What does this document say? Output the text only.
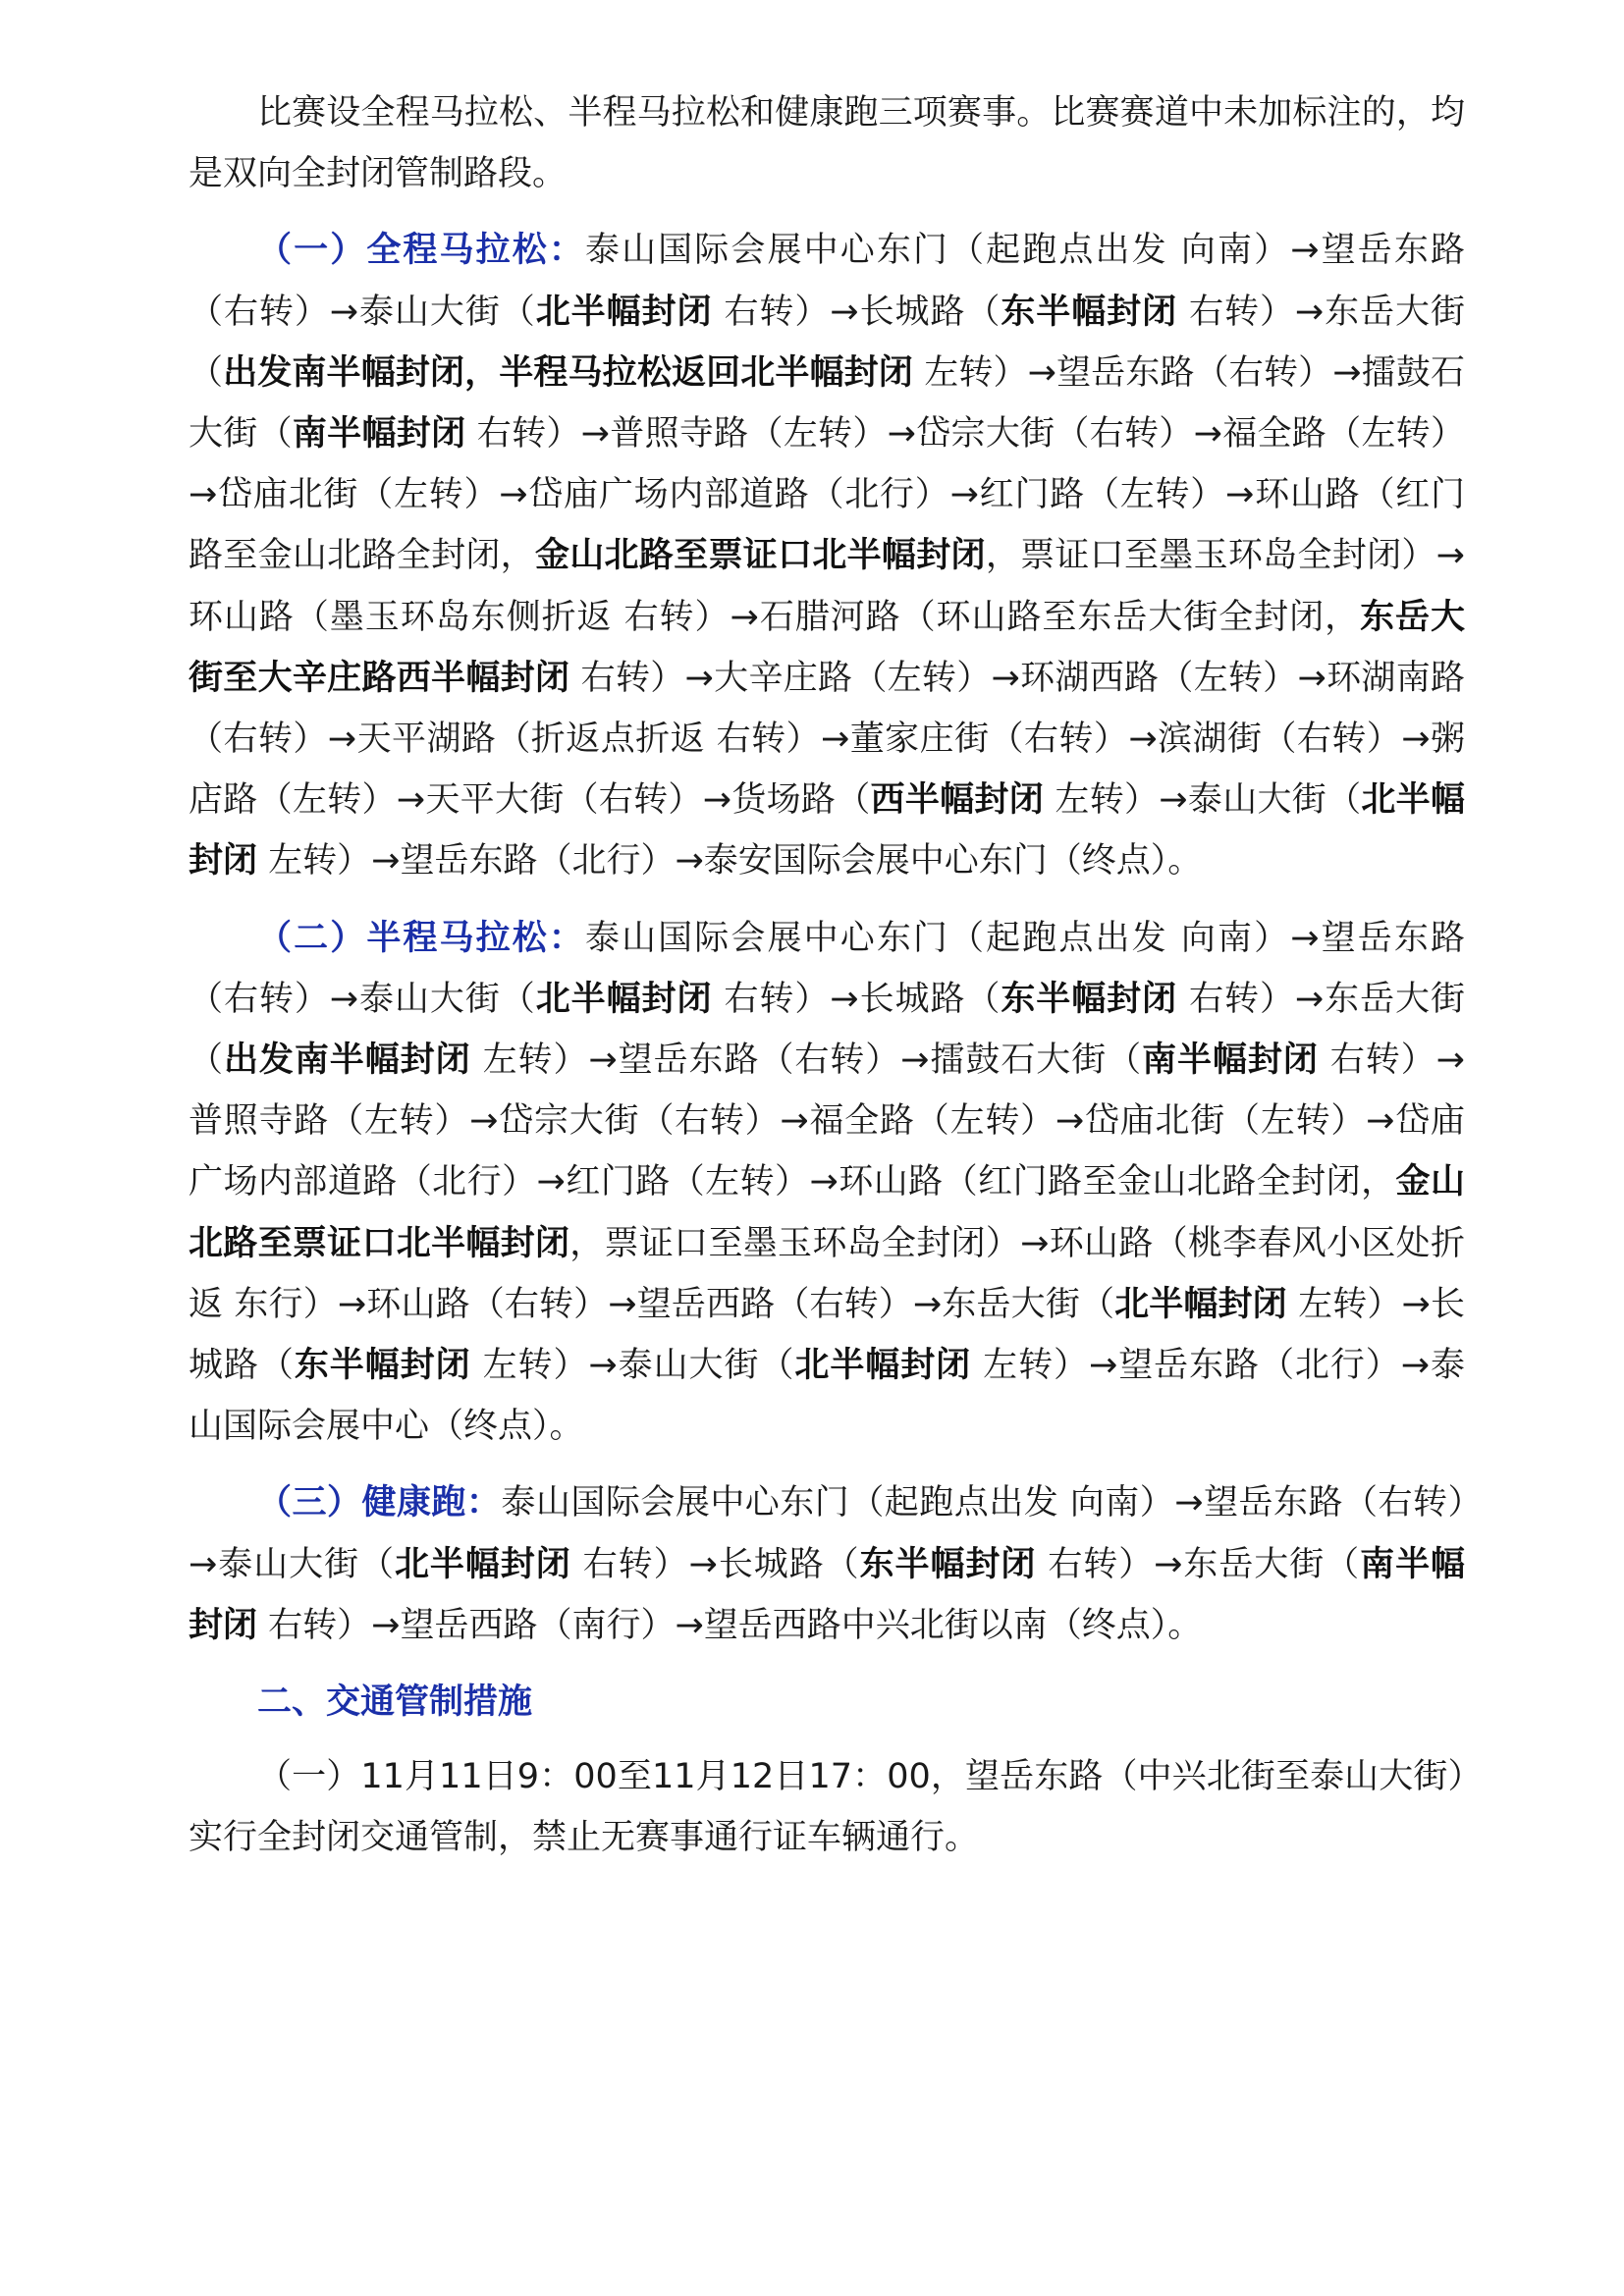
比赛设全程马拉松、半程马拉松和健康跑三项赛事。比赛赛道中未加标注的，均是双向全封闭管制路段。

（一）全程马拉松：泰山国际会展中心东门（起跑点出发 向南）→望岳东路（右转）→泰山大街（北半幅封闭 右转）→长城路（东半幅封闭 右转）→东岳大街（出发南半幅封闭，半程马拉松返回北半幅封闭 左转）→望岳东路（右转）→擂鼓石大街（南半幅封闭 右转）→普照寺路（左转）→岱宗大街（右转）→福全路（左转）→岱庙北街（左转）→岱庙广场内部道路（北行）→红门路（左转）→环山路（红门路至金山北路全封闭，金山北路至票证口北半幅封闭，票证口至墨玉环岛全封闭）→环山路（墨玉环岛东侧折返 右转）→石腊河路（环山路至东岳大街全封闭，东岳大街至大辛庄路西半幅封闭 右转）→大辛庄路（左转）→环湖西路（左转）→环湖南路（右转）→天平湖路（折返点折返 右转）→董家庄街（右转）→滨湖街（右转）→粥店路（左转）→天平大街（右转）→货场路（西半幅封闭 左转）→泰山大街（北半幅封闭 左转）→望岳东路（北行）→泰安国际会展中心东门（终点）。

（二）半程马拉松：泰山国际会展中心东门（起跑点出发 向南）→望岳东路（右转）→泰山大街（北半幅封闭 右转）→长城路（东半幅封闭 右转）→东岳大街（出发南半幅封闭 左转）→望岳东路（右转）→擂鼓石大街（南半幅封闭 右转）→普照寺路（左转）→岱宗大街（右转）→福全路（左转）→岱庙北街（左转）→岱庙广场内部道路（北行）→红门路（左转）→环山路（红门路至金山北路全封闭，金山北路至票证口北半幅封闭，票证口至墨玉环岛全封闭）→环山路（桃李春风小区处折返 东行）→环山路（右转）→望岳西路（右转）→东岳大街（北半幅封闭 左转）→长城路（东半幅封闭 左转）→泰山大街（北半幅封闭 左转）→望岳东路（北行）→泰山国际会展中心（终点）。

（三）健康跑：泰山国际会展中心东门（起跑点出发 向南）→望岳东路（右转）→泰山大街（北半幅封闭 右转）→长城路（东半幅封闭 右转）→东岳大街（南半幅封闭 右转）→望岳西路（南行）→望岳西路中兴北街以南（终点）。

二、交通管制措施

（一）11月11日9：00至11月12日17：00，望岳东路（中兴北街至泰山大街）实行全封闭交通管制，禁止无赛事通行证车辆通行。
